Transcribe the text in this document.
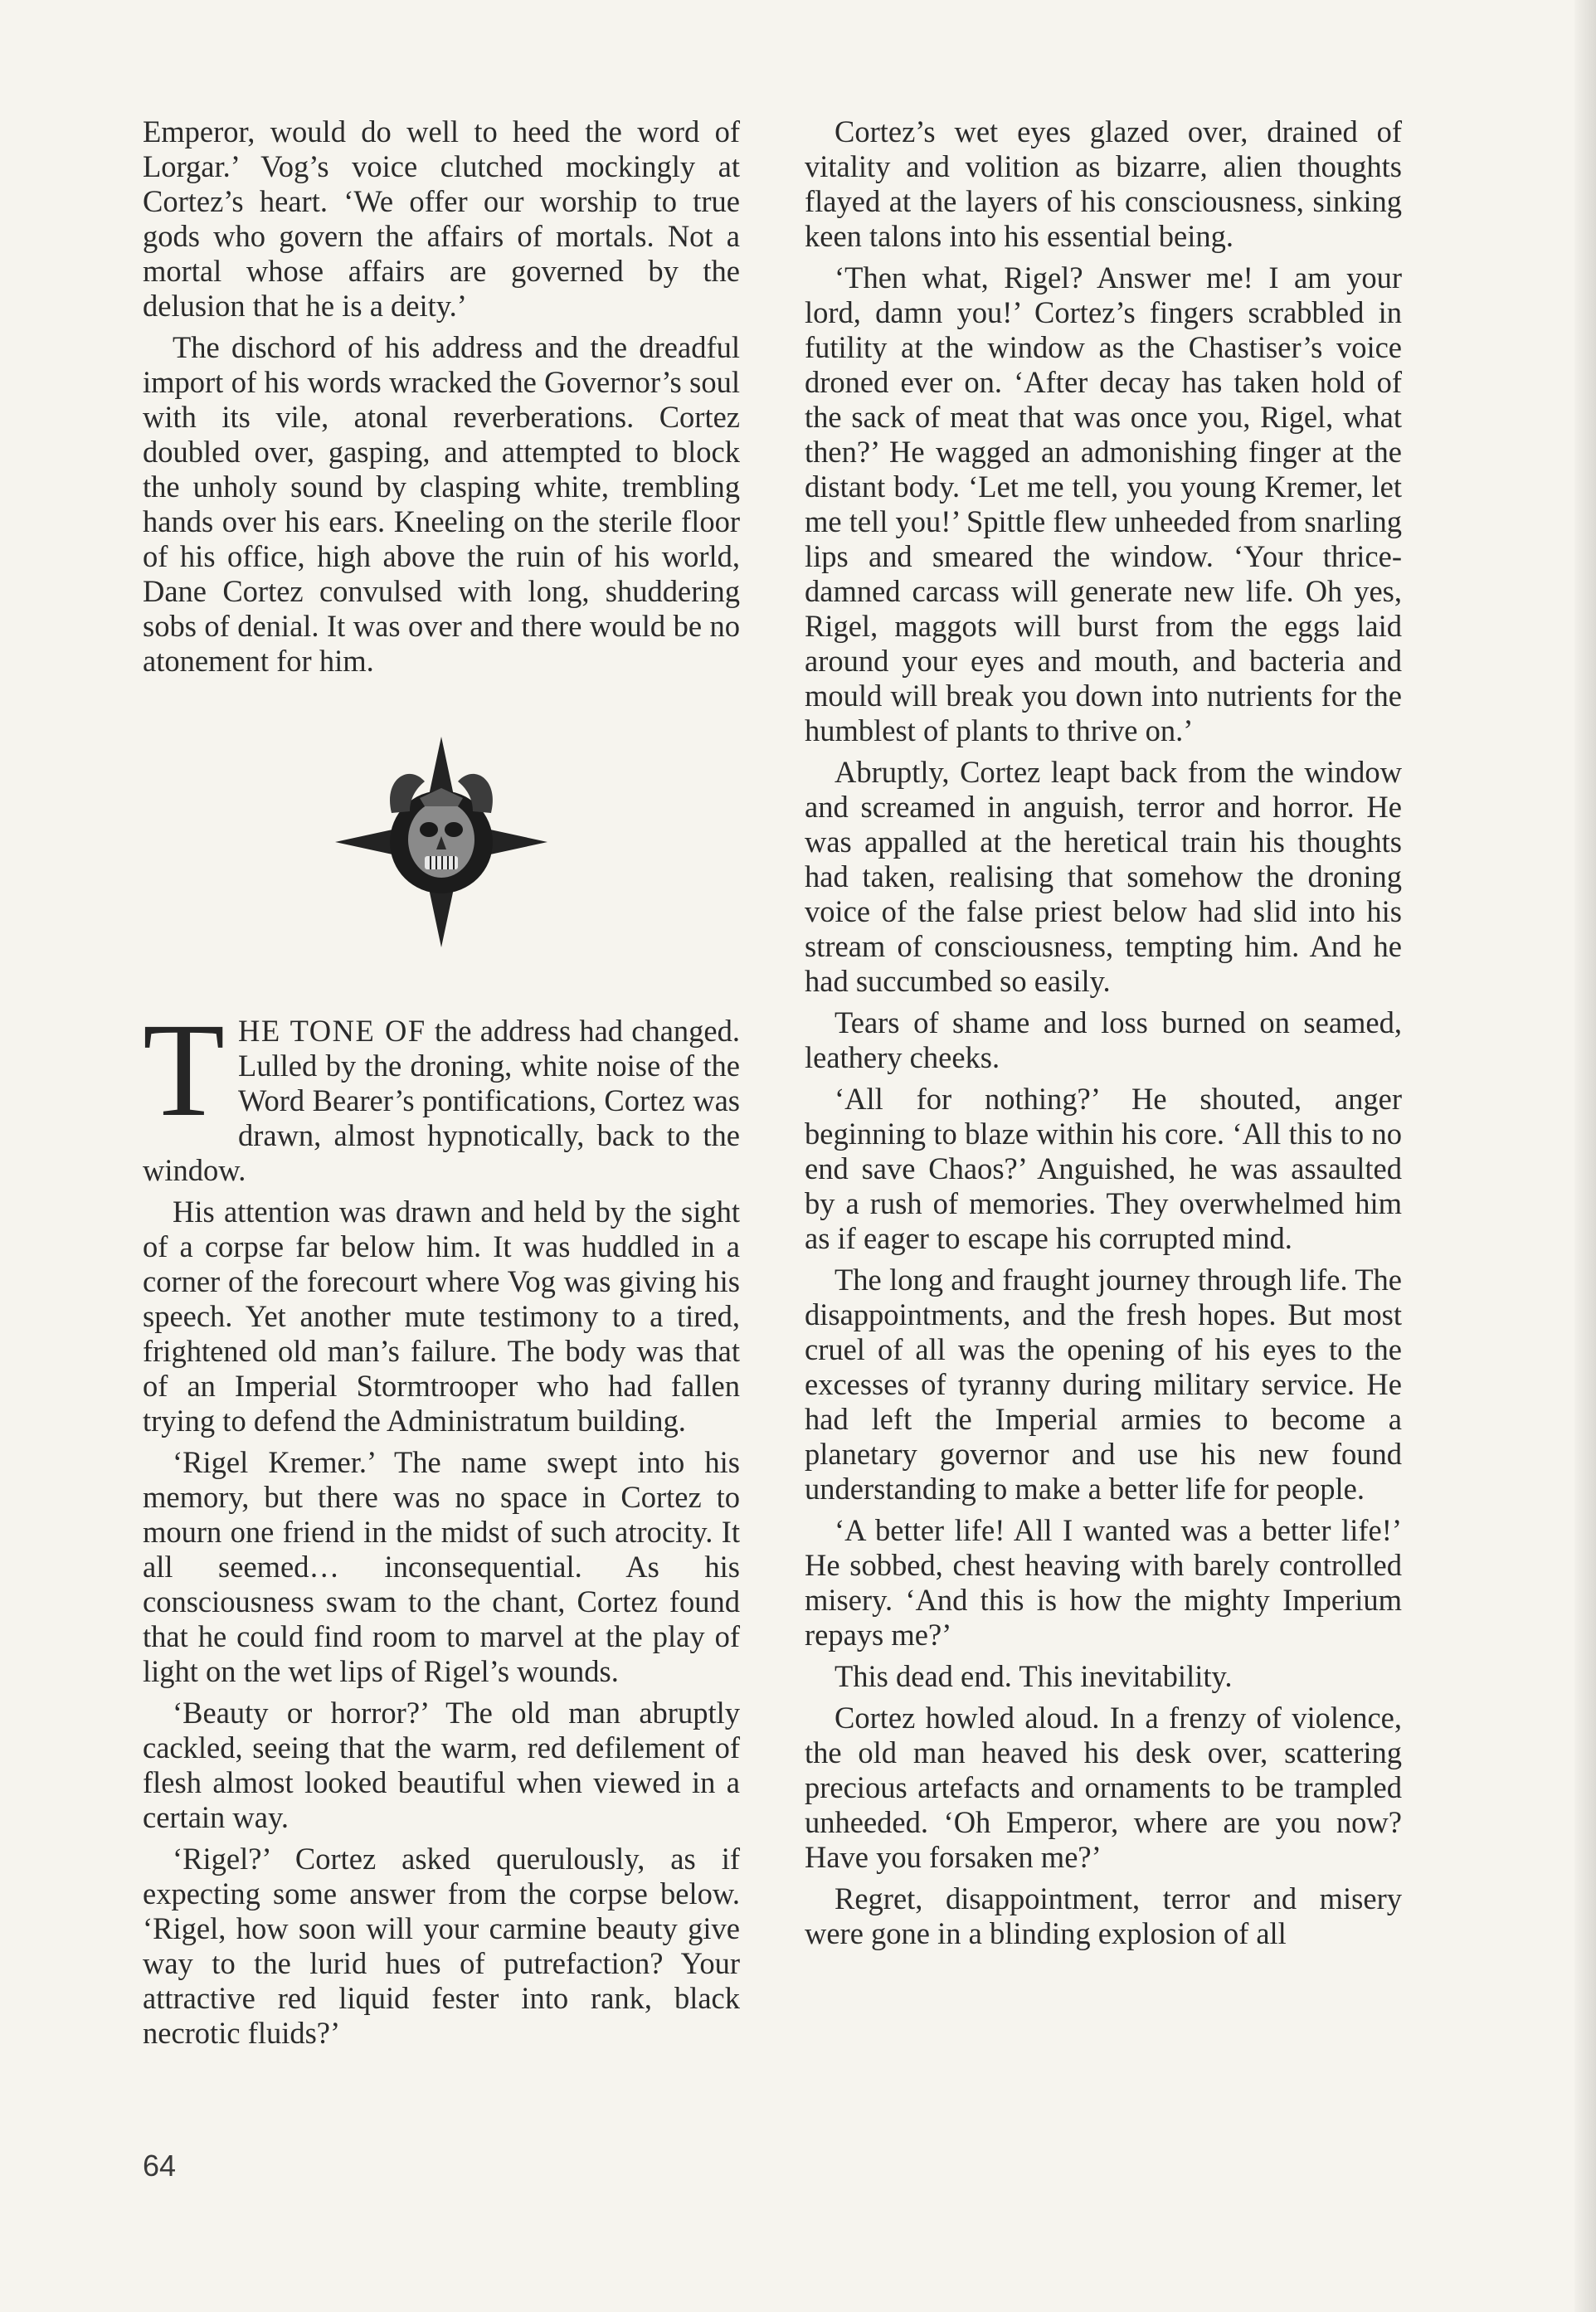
Emperor, would do well to heed the word of Lorgar.’ Vog’s voice clutched mockingly at Cortez’s heart. ‘We offer our worship to true gods who govern the affairs of mortals. Not a mortal whose affairs are governed by the delusion that he is a deity.’

The dischord of his address and the dreadful import of his words wracked the Governor’s soul with its vile, atonal reverberations. Cortez doubled over, gasping, and attempted to block the unholy sound by clasping white, trembling hands over his ears. Kneeling on the sterile floor of his office, high above the ruin of his world, Dane Cortez convulsed with long, shuddering sobs of denial. It was over and there would be no atonement for him.

THE TONE OF the address had changed. Lulled by the droning, white noise of the Word Bearer’s pontifications, Cortez was drawn, almost hypnotically, back to the window.

His attention was drawn and held by the sight of a corpse far below him. It was huddled in a corner of the forecourt where Vog was giving his speech. Yet another mute testimony to a tired, frightened old man’s failure. The body was that of an Imperial Stormtrooper who had fallen trying to defend the Administratum building.

‘Rigel Kremer.’ The name swept into his memory, but there was no space in Cortez to mourn one friend in the midst of such atrocity. It all seemed… inconsequential. As his consciousness swam to the chant, Cortez found that he could find room to marvel at the play of light on the wet lips of Rigel’s wounds.

‘Beauty or horror?’ The old man abruptly cackled, seeing that the warm, red defilement of flesh almost looked beautiful when viewed in a certain way.

‘Rigel?’ Cortez asked querulously, as if expecting some answer from the corpse below. ‘Rigel, how soon will your carmine beauty give way to the lurid hues of putrefaction? Your attractive red liquid fester into rank, black necrotic fluids?’

Cortez’s wet eyes glazed over, drained of vitality and volition as bizarre, alien thoughts flayed at the layers of his consciousness, sinking keen talons into his essential being.

‘Then what, Rigel? Answer me! I am your lord, damn you!’ Cortez’s fingers scrabbled in futility at the window as the Chastiser’s voice droned ever on. ‘After decay has taken hold of the sack of meat that was once you, Rigel, what then?’ He wagged an admonishing finger at the distant body. ‘Let me tell, you young Kremer, let me tell you!’ Spittle flew unheeded from snarling lips and smeared the window. ‘Your thrice-damned carcass will generate new life. Oh yes, Rigel, maggots will burst from the eggs laid around your eyes and mouth, and bacteria and mould will break you down into nutrients for the humblest of plants to thrive on.’

Abruptly, Cortez leapt back from the window and screamed in anguish, terror and horror. He was appalled at the heretical train his thoughts had taken, realising that somehow the droning voice of the false priest below had slid into his stream of consciousness, tempting him. And he had succumbed so easily.

Tears of shame and loss burned on seamed, leathery cheeks.

‘All for nothing?’ He shouted, anger beginning to blaze within his core. ‘All this to no end save Chaos?’ Anguished, he was assaulted by a rush of memories. They overwhelmed him as if eager to escape his corrupted mind.

The long and fraught journey through life. The disappointments, and the fresh hopes. But most cruel of all was the opening of his eyes to the excesses of tyranny during military service. He had left the Imperial armies to become a planetary governor and use his new found understanding to make a better life for people.

‘A better life! All I wanted was a better life!’ He sobbed, chest heaving with barely controlled misery. ‘And this is how the mighty Imperium repays me?’

This dead end. This inevitability.

Cortez howled aloud. In a frenzy of violence, the old man heaved his desk over, scattering precious artefacts and ornaments to be trampled unheeded. ‘Oh Emperor, where are you now? Have you forsaken me?’

Regret, disappointment, terror and misery were gone in a blinding explosion of all

64
